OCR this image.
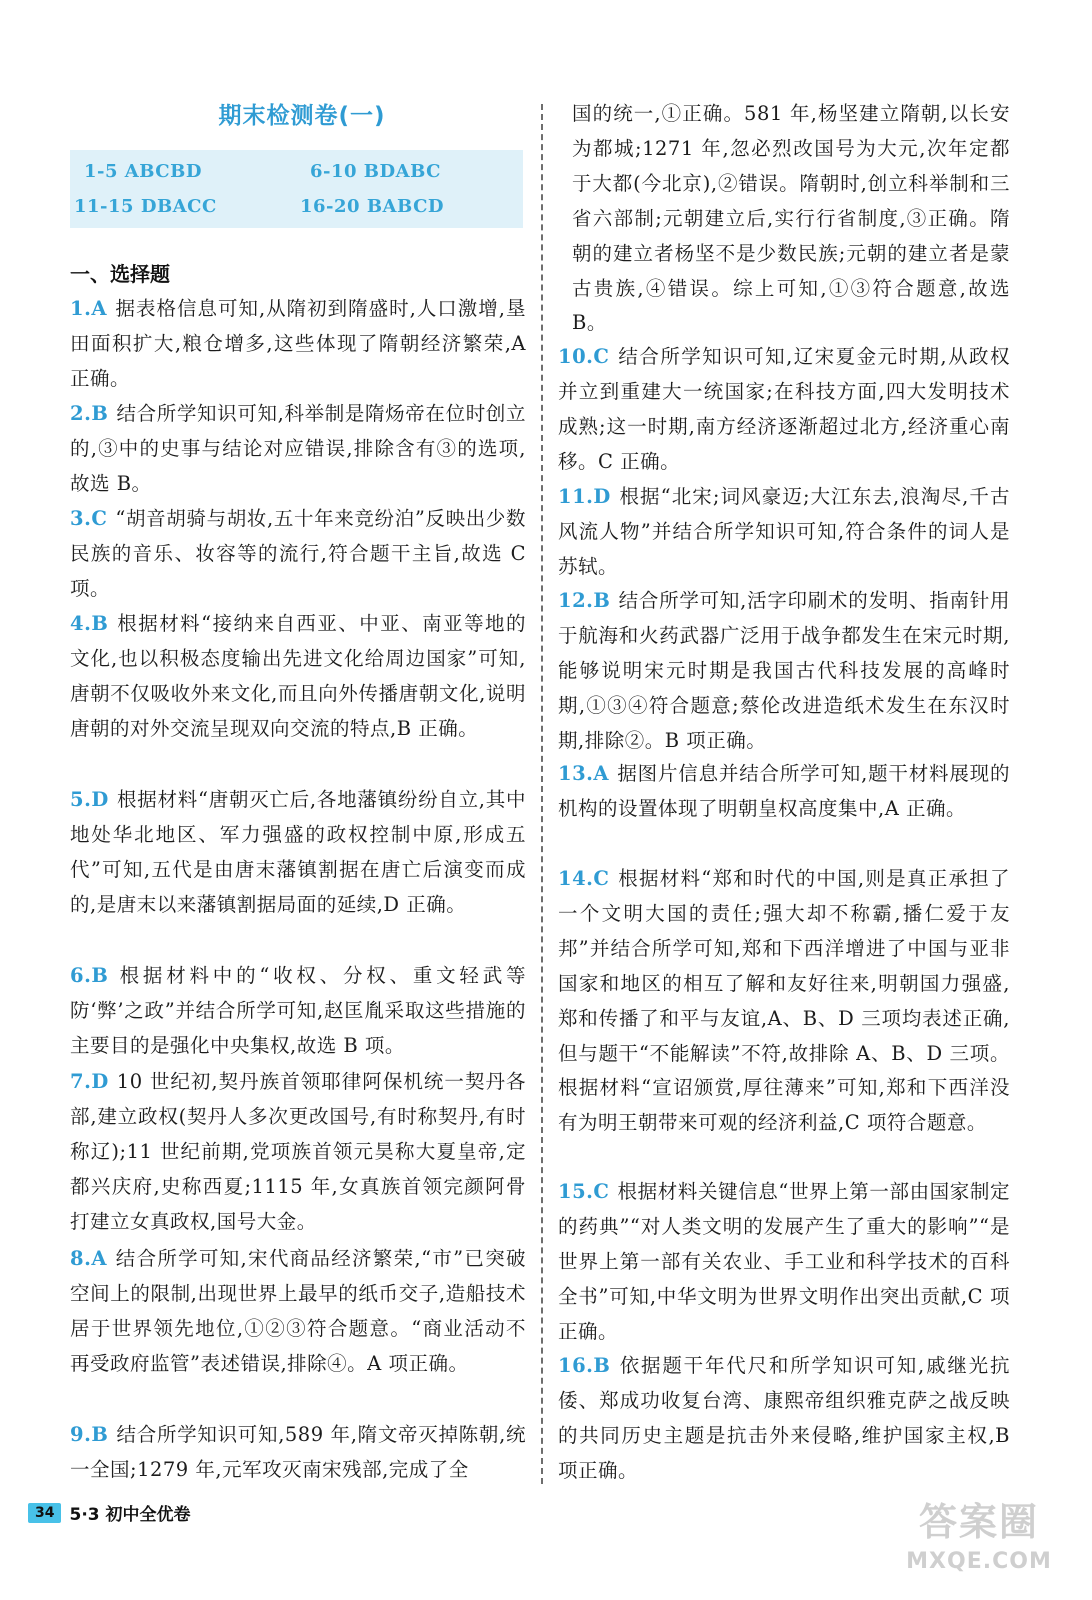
期末检测卷(一)
1-5 ABCBD	6-10 BDABC
11-15 DBACC	16-20 BABCD
一、选择题
1.A 据表格信息可知,从隋初到隋盛时,人口激增,垦田面积扩大,粮仓增多,这些体现了隋朝经济繁荣,A 正确。
2.B 结合所学知识可知,科举制是隋炀帝在位时创立的,③中的史事与结论对应错误,排除含有③的选项,故选 B。
3.C “胡音胡骑与胡妆,五十年来竞纷泊”反映出少数民族的音乐、妆容等的流行,符合题干主旨,故选 C 项。
4.B 根据材料“接纳来自西亚、中亚、南亚等地的文化,也以积极态度输出先进文化给周边国家”可知,唐朝不仅吸收外来文化,而且向外传播唐朝文化,说明唐朝的对外交流呈现双向交流的特点,B 正确。
5.D 根据材料“唐朝灭亡后,各地藩镇纷纷自立,其中地处华北地区、军力强盛的政权控制中原,形成五代”可知,五代是由唐末藩镇割据在唐亡后演变而成的,是唐末以来藩镇割据局面的延续,D 正确。
6.B 根据材料中的“收权、分权、重文轻武等防‘弊’之政”并结合所学可知,赵匡胤采取这些措施的主要目的是强化中央集权,故选 B 项。
7.D 10 世纪初,契丹族首领耶律阿保机统一契丹各部,建立政权(契丹人多次更改国号,有时称契丹,有时称辽);11 世纪前期,党项族首领元昊称大夏皇帝,定都兴庆府,史称西夏;1115 年,女真族首领完颜阿骨打建立女真政权,国号大金。
8.A 结合所学可知,宋代商品经济繁荣,“市”已突破空间上的限制,出现世界上最早的纸币交子,造船技术居于世界领先地位,①②③符合题意。“商业活动不再受政府监管”表述错误,排除④。A 项正确。
9.B 结合所学知识可知,589 年,隋文帝灭掉陈朝,统一全国;1279 年,元军攻灭南宋残部,完成了全
国的统一,①正确。581 年,杨坚建立隋朝,以长安为都城;1271 年,忽必烈改国号为大元,次年定都于大都(今北京),②错误。隋朝时,创立科举制和三省六部制;元朝建立后,实行行省制度,③正确。隋朝的建立者杨坚不是少数民族;元朝的建立者是蒙古贵族,④错误。综上可知,①③符合题意,故选 B。
10.C 结合所学知识可知,辽宋夏金元时期,从政权并立到重建大一统国家;在科技方面,四大发明技术成熟;这一时期,南方经济逐渐超过北方,经济重心南移。C 正确。
11.D 根据“北宋;词风豪迈;大江东去,浪淘尽,千古风流人物”并结合所学知识可知,符合条件的词人是苏轼。
12.B 结合所学可知,活字印刷术的发明、指南针用于航海和火药武器广泛用于战争都发生在宋元时期,能够说明宋元时期是我国古代科技发展的高峰时期,①③④符合题意;蔡伦改进造纸术发生在东汉时期,排除②。B 项正确。
13.A 据图片信息并结合所学可知,题干材料展现的机构的设置体现了明朝皇权高度集中,A 正确。
14.C 根据材料“郑和时代的中国,则是真正承担了一个文明大国的责任;强大却不称霸,播仁爱于友邦”并结合所学可知,郑和下西洋增进了中国与亚非国家和地区的相互了解和友好往来,明朝国力强盛,郑和传播了和平与友谊,A、B、D 三项均表述正确,但与题干“不能解读”不符,故排除 A、B、D 三项。根据材料“宣诏颁赏,厚往薄来”可知,郑和下西洋没有为明王朝带来可观的经济利益,C 项符合题意。
15.C 根据材料关键信息“世界上第一部由国家制定的药典”“对人类文明的发展产生了重大的影响”“是世界上第一部有关农业、手工业和科学技术的百科全书”可知,中华文明为世界文明作出突出贡献,C 项正确。
16.B 依据题干年代尺和所学知识可知,戚继光抗倭、郑成功收复台湾、康熙帝组织雅克萨之战反映的共同历史主题是抗击外来侵略,维护国家主权,B 项正确。
34 5·3 初中全优卷	答案圈
MXQE.COM
